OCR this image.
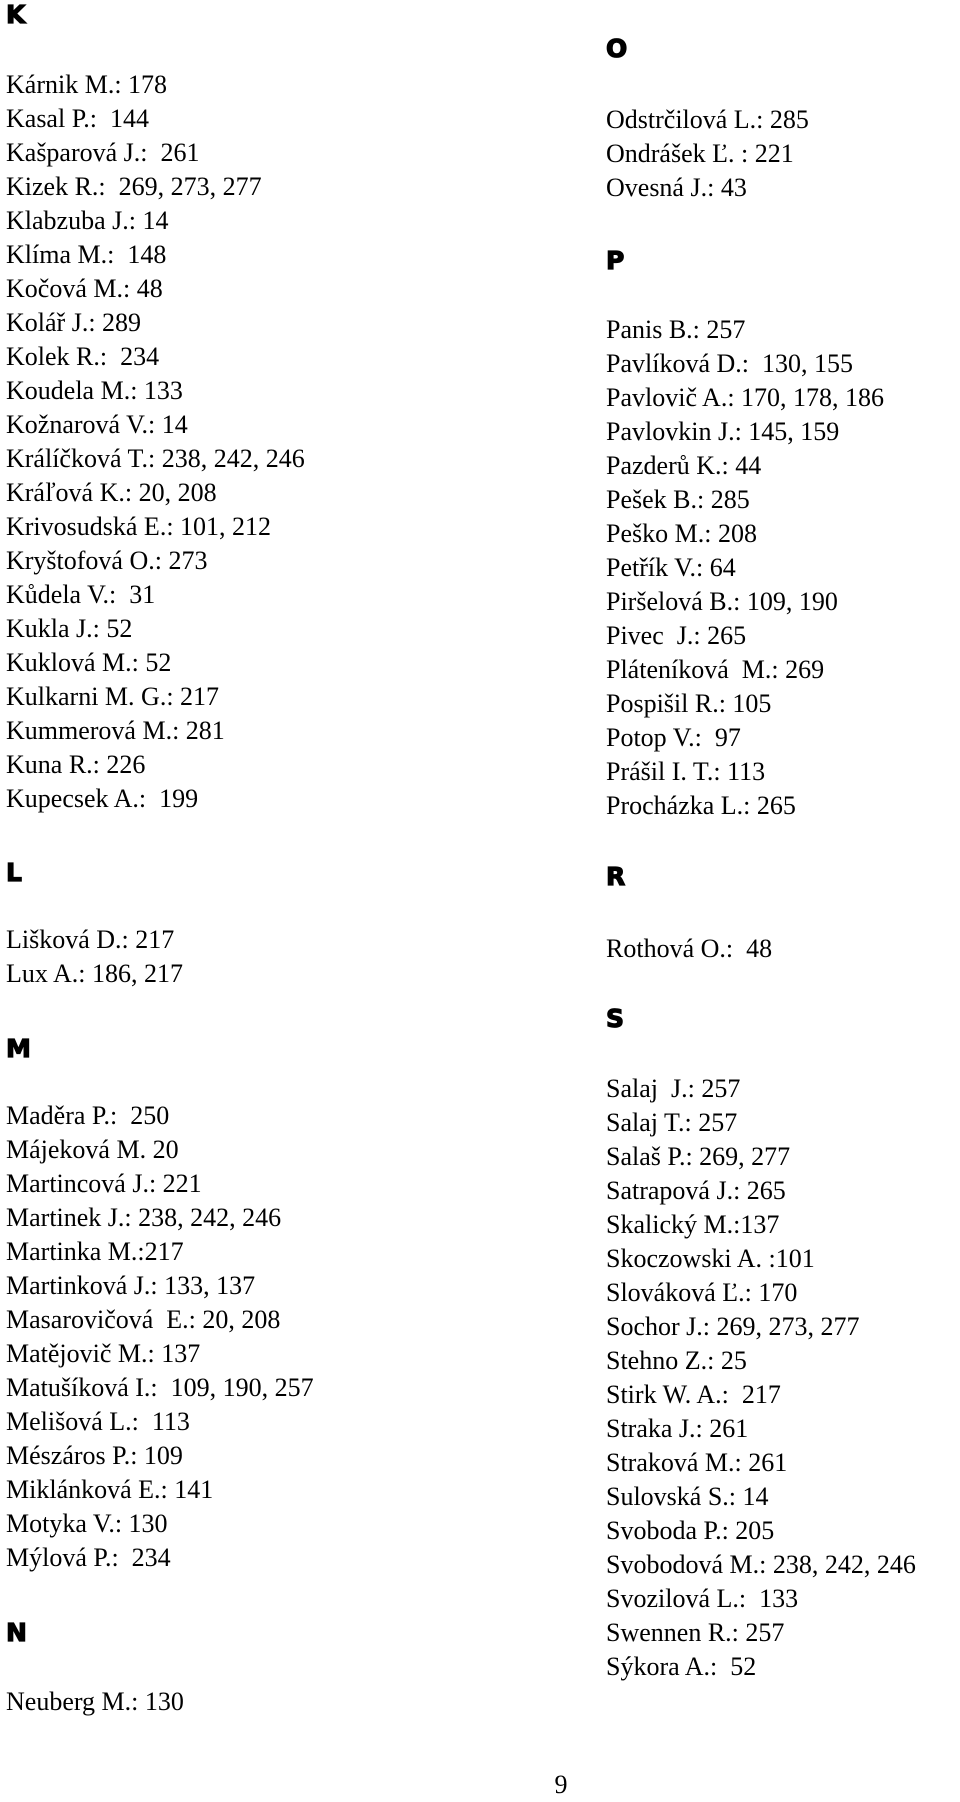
K
Kárnik M.: 178
Kasal P.:  144
Kašparová J.:  261
Kizek R.:  269, 273, 277
Klabzuba J.: 14
Klíma M.:  148
Kočová M.: 48
Kolář J.: 289
Kolek R.:  234
Koudela M.: 133
Kožnarová V.: 14
Králíčková T.: 238, 242, 246
Kráľová K.: 20, 208
Krivosudská E.: 101, 212
Kryštofová O.: 273
Kůdela V.:  31
Kukla J.: 52
Kuklová M.: 52
Kulkarni M. G.: 217
Kummerová M.: 281
Kuna R.: 226
Kupecsek A.:  199
L
Lišková D.: 217
Lux A.: 186, 217
M
Maděra P.:  250
Májeková M. 20
Martincová J.: 221
Martinek J.: 238, 242, 246
Martinka M.:217
Martinková J.: 133, 137
Masarovičová  E.: 20, 208
Matějovič M.: 137
Matušíková I.:  109, 190, 257
Melišová L.:  113
Mészáros P.: 109
Miklánková E.: 141
Motyka V.: 130
Mýlová P.:  234
N
Neuberg M.: 130
O
Odstrčilová L.: 285
Ondrášek Ľ. : 221
Ovesná J.: 43
P
Panis B.: 257
Pavlíková D.:  130, 155
Pavlovič A.: 170, 178, 186
Pavlovkin J.: 145, 159
Pazderů K.: 44
Pešek B.: 285
Peško M.: 208
Petřík V.: 64
Piršelová B.: 109, 190
Pivec  J.: 265
Pláteníková  M.: 269
Pospišil R.: 105
Potop V.:  97
Prášil I. T.: 113
Procházka L.: 265
R
Rothová O.:  48
S
Salaj  J.: 257
Salaj T.: 257
Salaš P.: 269, 277
Satrapová J.: 265
Skalický M.:137
Skoczowski A. :101
Slováková Ľ.: 170
Sochor J.: 269, 273, 277
Stehno Z.: 25
Stirk W. A.:  217
Straka J.: 261
Straková M.: 261
Sulovská S.: 14
Svoboda P.: 205
Svobodová M.: 238, 242, 246
Svozilová L.:  133
Swennen R.: 257
Sýkora A.:  52
9
